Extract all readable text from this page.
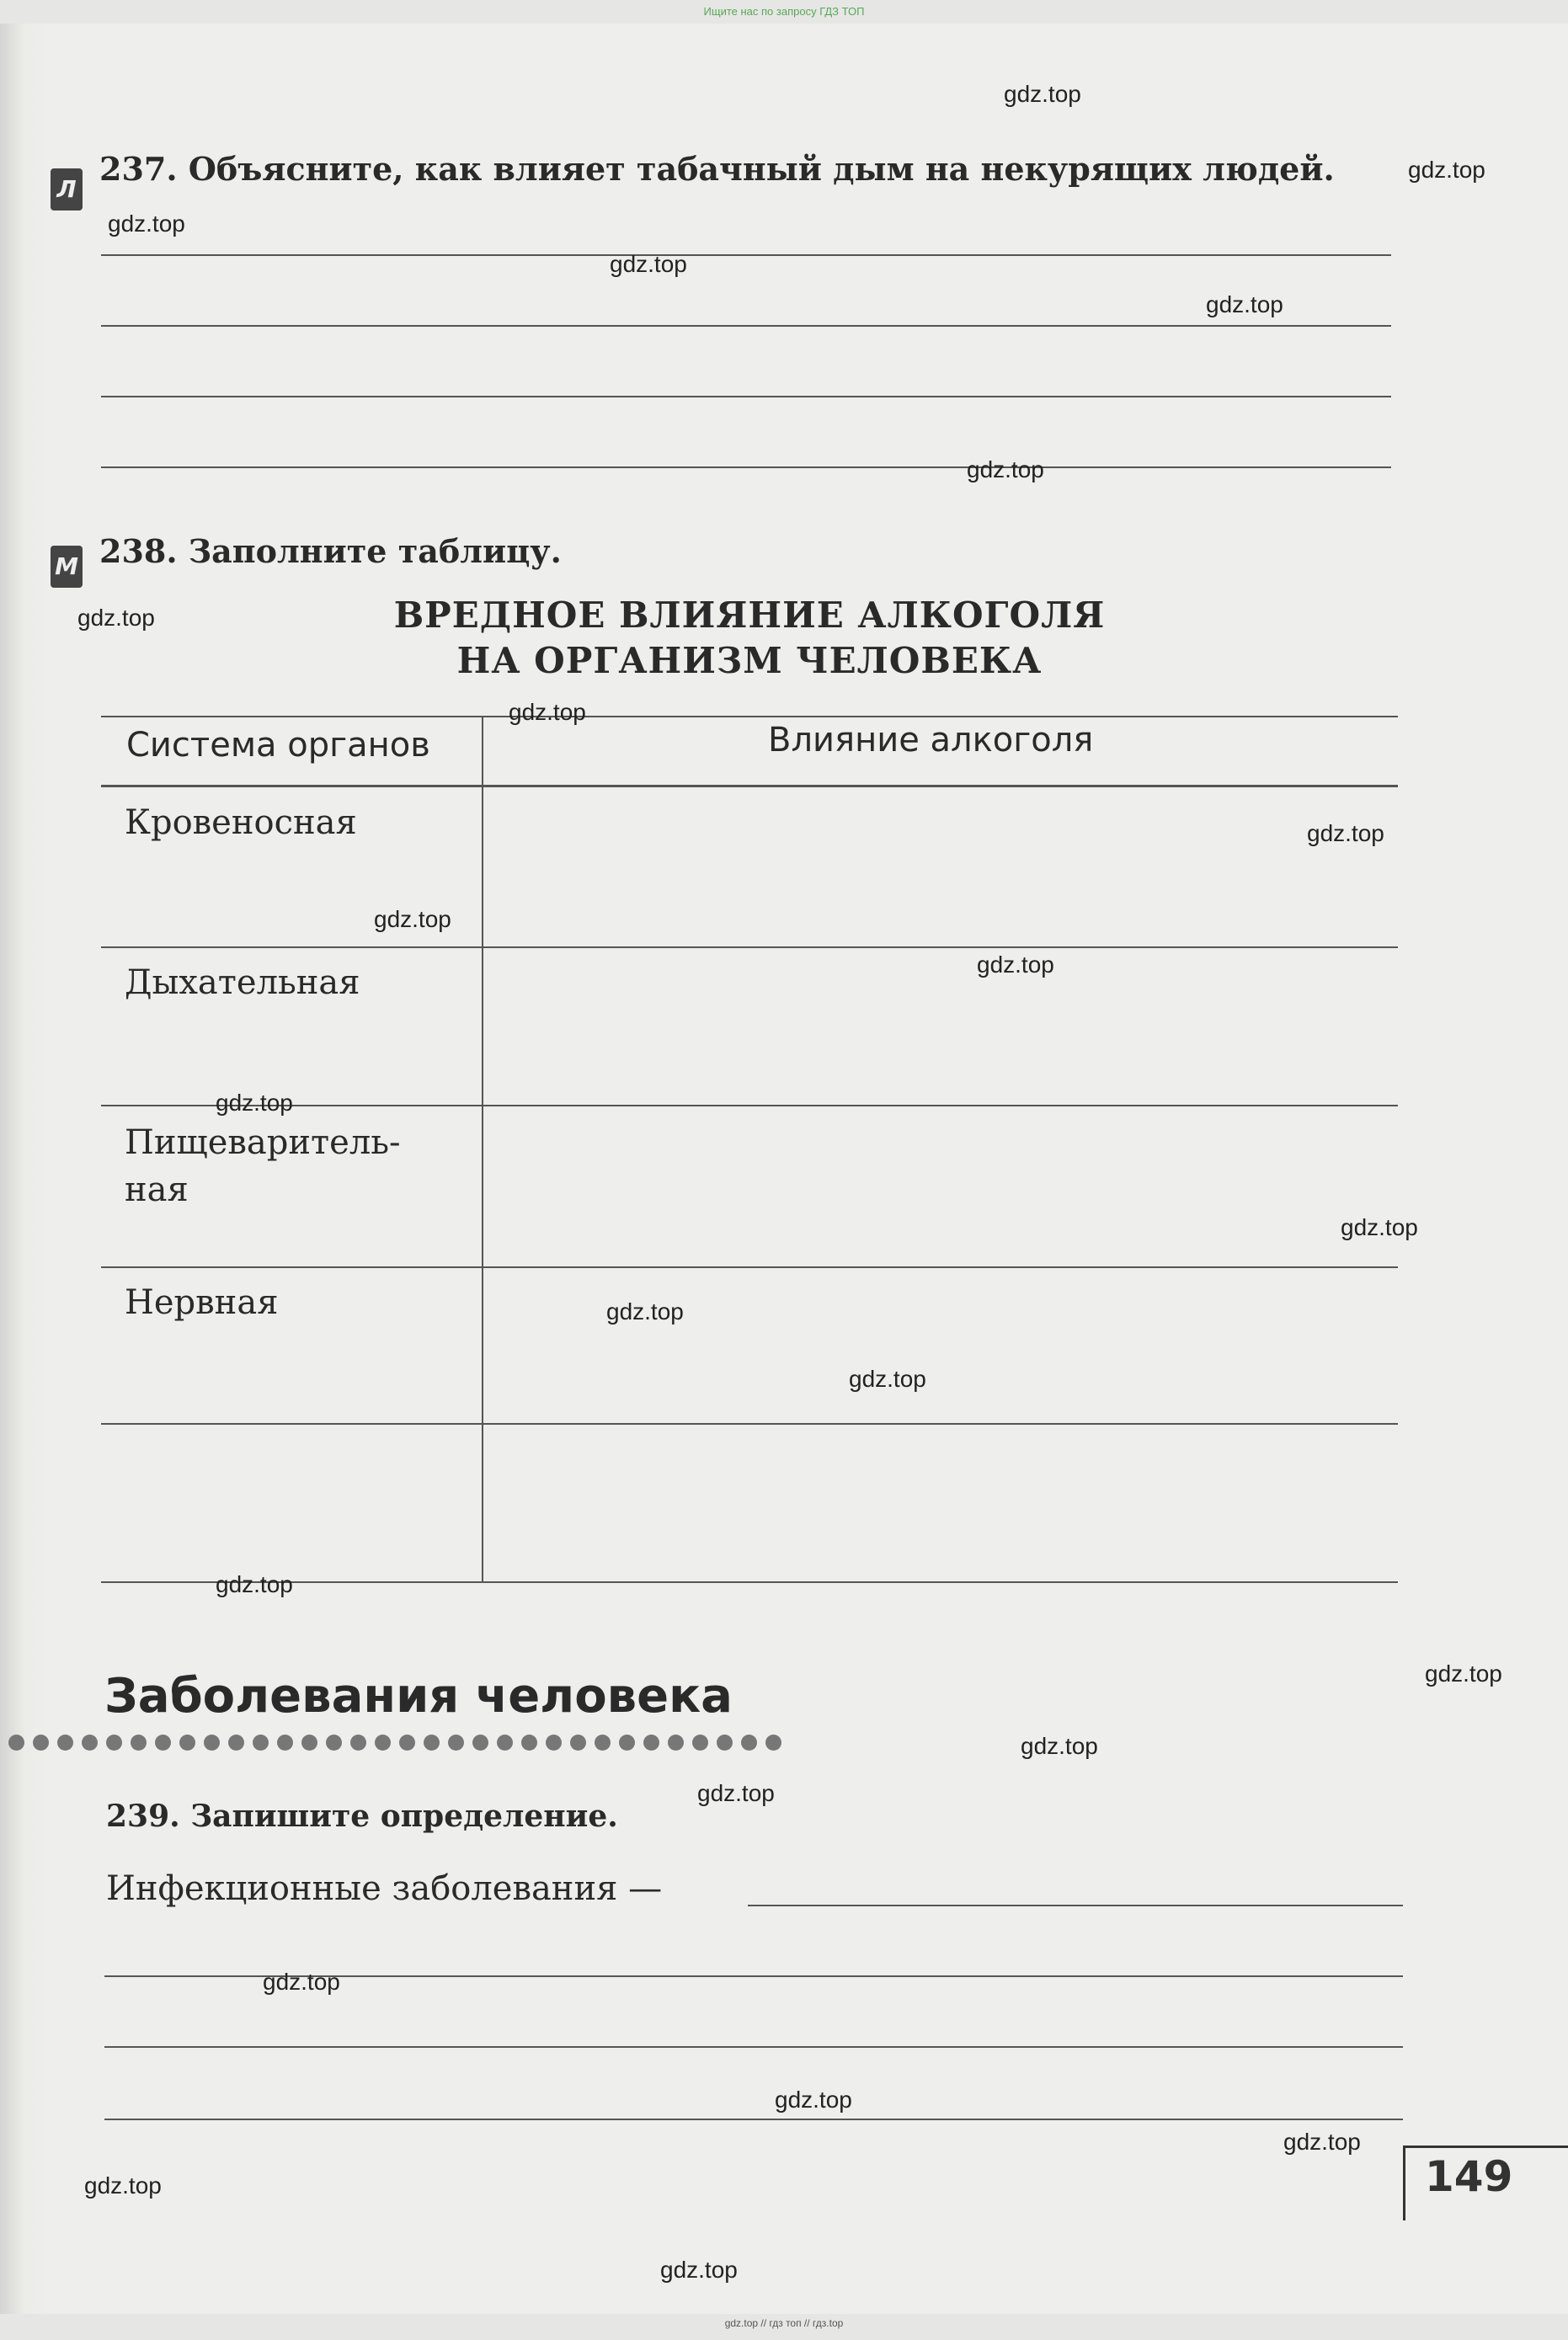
Ищите нас по запросу ГДЗ ТОП
Л
237. Объясните, как влияет табачный дым на некурящих людей.
М 238. Заполните таблицу.
ВРЕДНОЕ ВЛИЯНИЕ АЛКОГОЛЯ
НА ОРГАНИЗМ ЧЕЛОВЕКА
Система органов	Влияние алкоголя
Кровеносная
Дыхательная
Пищеваритель-
ная
Нервная
Заболевания человека
239. Запишите определение.
Инфекционные заболевания —
149
gdz.top
gdz.top
gdz.top
gdz.top
gdz.top
gdz.top
gdz.top
gdz.top
gdz.top
gdz.top
gdz.top
gdz.top
gdz.top
gdz.top
gdz.top
gdz.top
gdz.top
gdz.top
gdz.top
gdz.top
gdz.top
gdz.top
gdz.top
gdz.top
gdz.top // гдз топ // гдз.top
